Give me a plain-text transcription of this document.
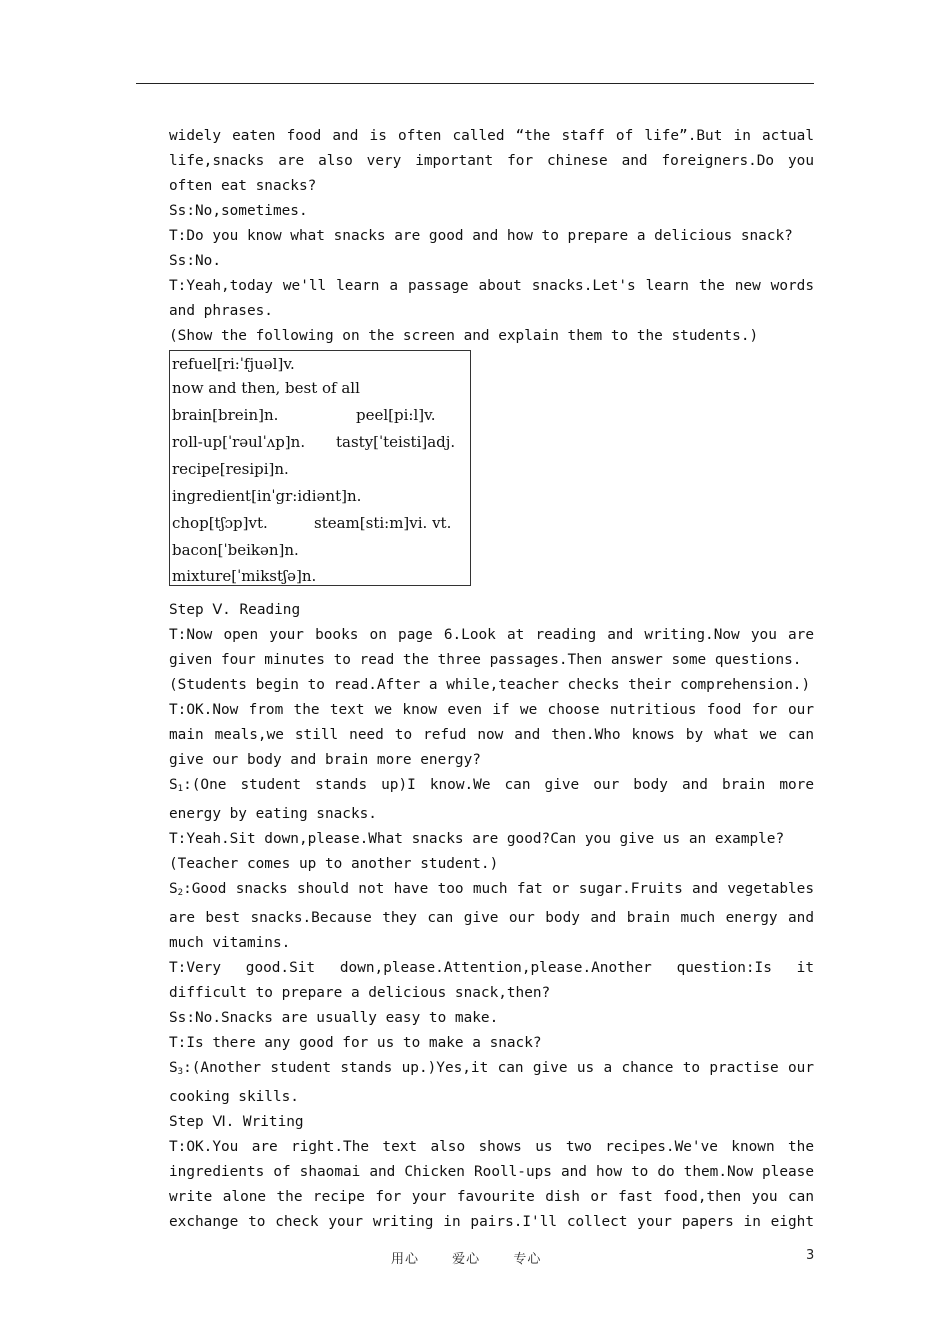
widely eaten food and is often called “the staff of life”.But in actual life,snacks are also very important for chinese and foreigners.Do you often eat snacks?

Ss:No,sometimes.

T:Do you know what snacks are good and how to prepare a delicious snack?

Ss:No.

T:Yeah,today we'll learn a passage about snacks.Let's learn the new words and phrases.

(Show the following on the screen and explain them to the students.)

refuel[ri:ˈfjuəl]v.
now and then, best of all
brain[brein]n.	peel[pi:l]v.
roll-up[ˈrəulˈʌp]n. tasty[ˈteisti]adj.
recipe[resipi]n.
ingredient[inˈgr:idiənt]n.
chop[tʃɔp]vt.	steam[sti:m]vi. vt.
bacon[ˈbeikən]n.
mixture[ˈmikstʃə]n.

Step Ⅴ. Reading

T:Now open your books on page 6.Look at reading and writing.Now you are given four minutes to read the three passages.Then answer some questions.

(Students begin to read.After a while,teacher checks their comprehension.)

T:OK.Now from the text we know even if we choose nutritious food for our main meals,we still need to refud now and then.Who knows by what we can give our body and brain more energy?

$S_1:(One$ student stands up)I know.We can give our body and brain more energy by eating snacks.

T:Yeah.Sit down,please.What snacks are good?Can you give us an example?

(Teacher comes up to another student.)

$S_2:Good$ snacks should not have too much fat or sugar.Fruits and vegetables are best snacks.Because they can give our body and brain much energy and much vitamins.

T:Very good.Sit down,please.Attention,please.Another question:Is it difficult to prepare a delicious snack,then?

Ss:No.Snacks are usually easy to make.

T:Is there any good for us to make a snack?

$S_3:(Another$ student stands up.)Yes,it can give us a chance to practise our cooking skills.

Step Ⅵ. Writing

T:OK.You are right.The text also shows us two recipes.We've known the ingredients of shaomai and Chicken Rooll-ups and how to do them.Now please write alone the recipe for your favourite dish or fast food,then you can exchange to check your writing in pairs.I'll collect your papers in eight

用心	爱心	专心	3
